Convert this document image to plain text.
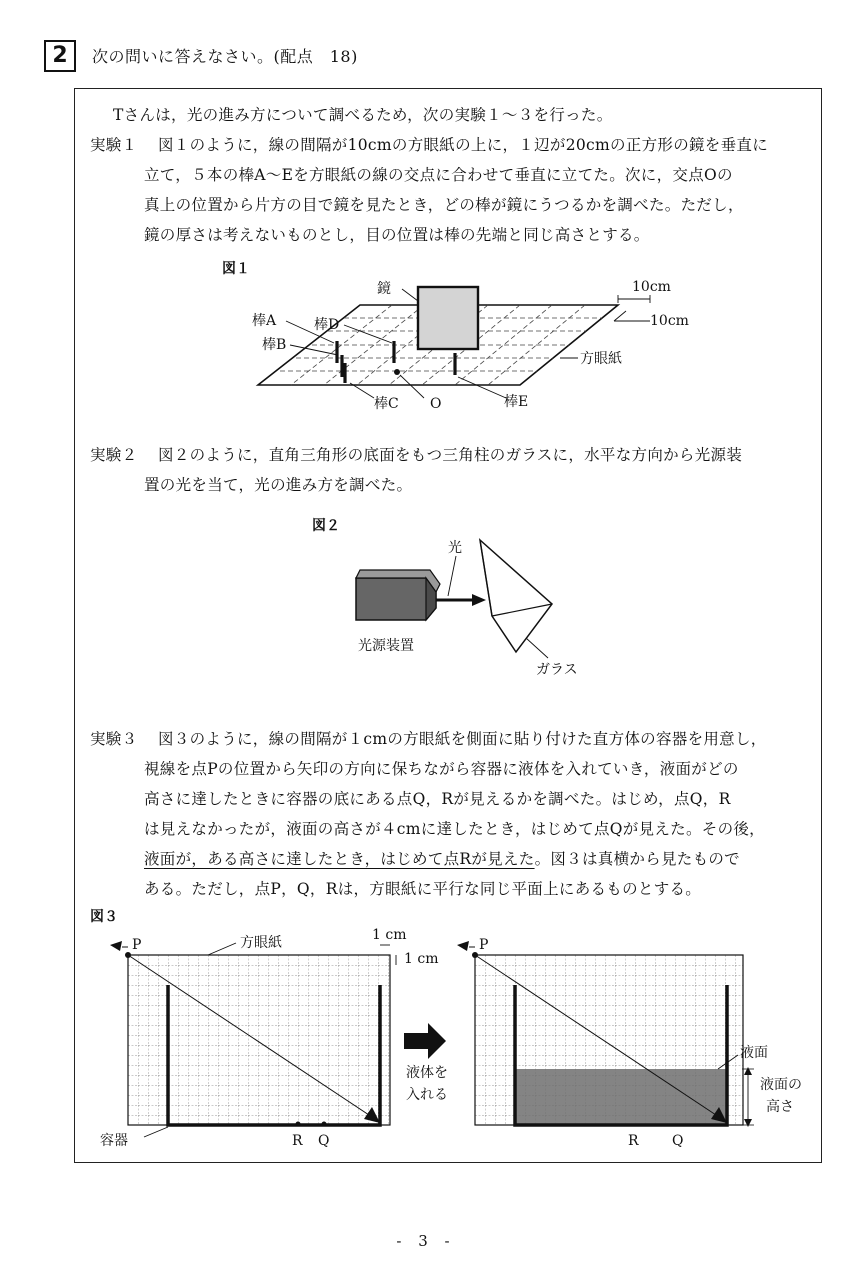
2	次の問いに答えなさい。(配点　18)
Tさんは，光の進み方について調べるため，次の実験１～３を行った。
実験１ 図１のように，線の間隔が10cmの方眼紙の上に，１辺が20cmの正方形の鏡を垂直に
立て，５本の棒A～Eを方眼紙の線の交点に合わせて垂直に立てた。次に，交点Oの
真上の位置から片方の目で鏡を見たとき，どの棒が鏡にうつるかを調べた。ただし，
鏡の厚さは考えないものとし，目の位置は棒の先端と同じ高さとする。
図１
鏡
棒A	棒D
棒B
棒C O	棒E
方眼紙
10cm
10cm
実験２ 図２のように，直角三角形の底面をもつ三角柱のガラスに，水平な方向から光源装
置の光を当て，光の進み方を調べた。
図２
光
光源装置
ガラス
実験３ 図３のように，線の間隔が１cmの方眼紙を側面に貼り付けた直方体の容器を用意し，
視線を点Pの位置から矢印の方向に保ちながら容器に液体を入れていき，液面がどの
高さに達したときに容器の底にある点Q，Rが見えるかを調べた。はじめ，点Q，R
は見えなかったが，液面の高さが４cmに達したとき，はじめて点Qが見えた。その後，
液面が，ある高さに達したとき，はじめて点Rが見えた。図３は真横から見たもので
ある。ただし，点P，Q，Rは，方眼紙に平行な同じ平面上にあるものとする。
図３
P	方眼紙	1 cm
1 cm
容器	R Q
液体を
入れる
P
液面
液面の
高さ
R Q
- 3 -
